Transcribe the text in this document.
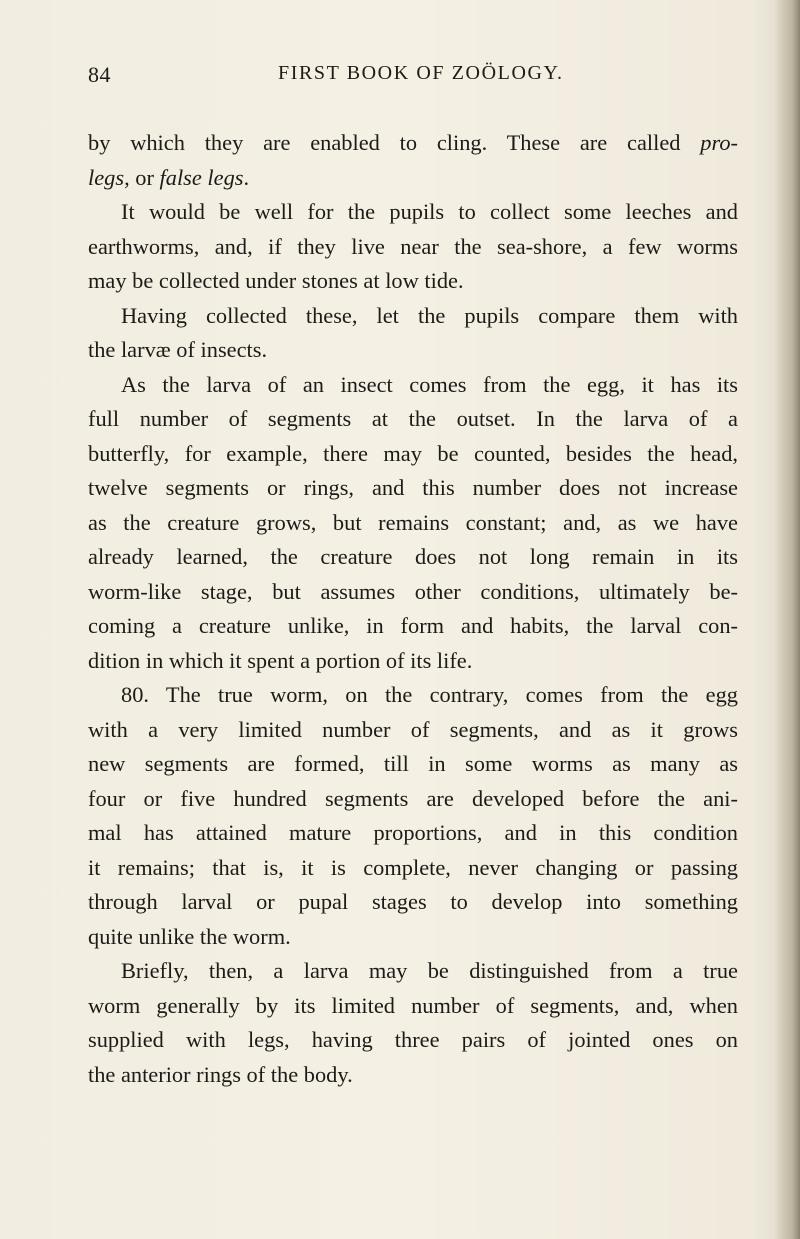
84	FIRST BOOK OF ZOÖLOGY.
by which they are enabled to cling. These are called pro-
legs, or false legs.
It would be well for the pupils to collect some leeches and
earthworms, and, if they live near the sea-shore, a few worms
may be collected under stones at low tide.
Having collected these, let the pupils compare them with
the larvæ of insects.
As the larva of an insect comes from the egg, it has its
full number of segments at the outset. In the larva of a
butterfly, for example, there may be counted, besides the head,
twelve segments or rings, and this number does not increase
as the creature grows, but remains constant; and, as we have
already learned, the creature does not long remain in its
worm-like stage, but assumes other conditions, ultimately be-
coming a creature unlike, in form and habits, the larval con-
dition in which it spent a portion of its life.
80. The true worm, on the contrary, comes from the egg
with a very limited number of segments, and as it grows
new segments are formed, till in some worms as many as
four or five hundred segments are developed before the ani-
mal has attained mature proportions, and in this condition
it remains; that is, it is complete, never changing or passing
through larval or pupal stages to develop into something
quite unlike the worm.
Briefly, then, a larva may be distinguished from a true
worm generally by its limited number of segments, and, when
supplied with legs, having three pairs of jointed ones on
the anterior rings of the body.
